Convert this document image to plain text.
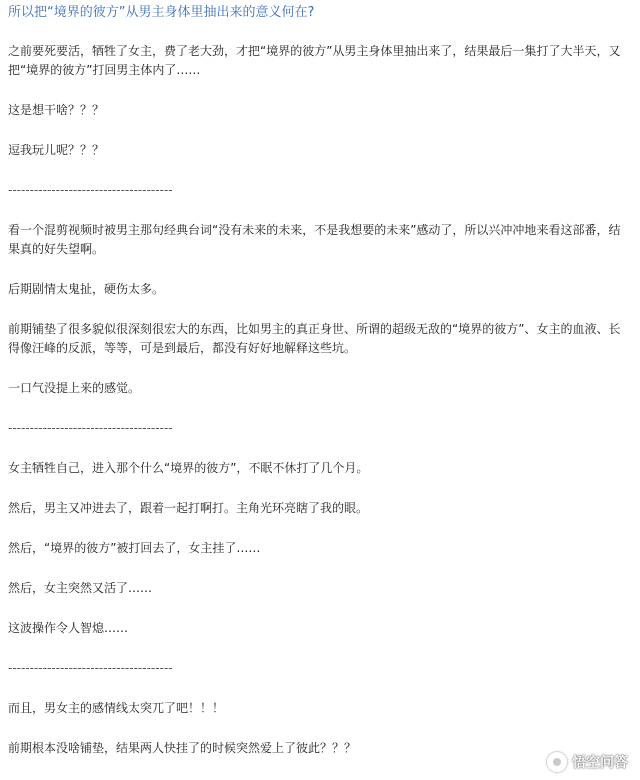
所以把“境界的彼方”从男主身体里抽出来的意义何在?

之前要死要活，牺牲了女主，费了老大劲，才把“境界的彼方”从男主身体里抽出来了，结果最后一集打了大半天，又把“境界的彼方”打回男主体内了……

这是想干啥？？？

逗我玩儿呢？？？

--------------------------------------

看一个混剪视频时被男主那句经典台词“没有未来的未来，不是我想要的未来”感动了，所以兴冲冲地来看这部番，结果真的好失望啊。

后期剧情太鬼扯，硬伤太多。

前期铺垫了很多貌似很深刻很宏大的东西，比如男主的真正身世、所谓的超级无敌的“境界的彼方”、女主的血液、长得像汪峰的反派，等等，可是到最后，都没有好好地解释这些坑。

一口气没提上来的感觉。

--------------------------------------

女主牺牲自己，进入那个什么“境界的彼方”，不眠不休打了几个月。

然后，男主又冲进去了，跟着一起打啊打。主角光环亮瞎了我的眼。

然后，“境界的彼方”被打回去了，女主挂了……

然后，女主突然又活了……

这波操作令人智熄……

--------------------------------------

而且，男女主的感情线太突兀了吧！！！

前期根本没啥铺垫，结果两人快挂了的时候突然爱上了彼此？？？

悟空问答
